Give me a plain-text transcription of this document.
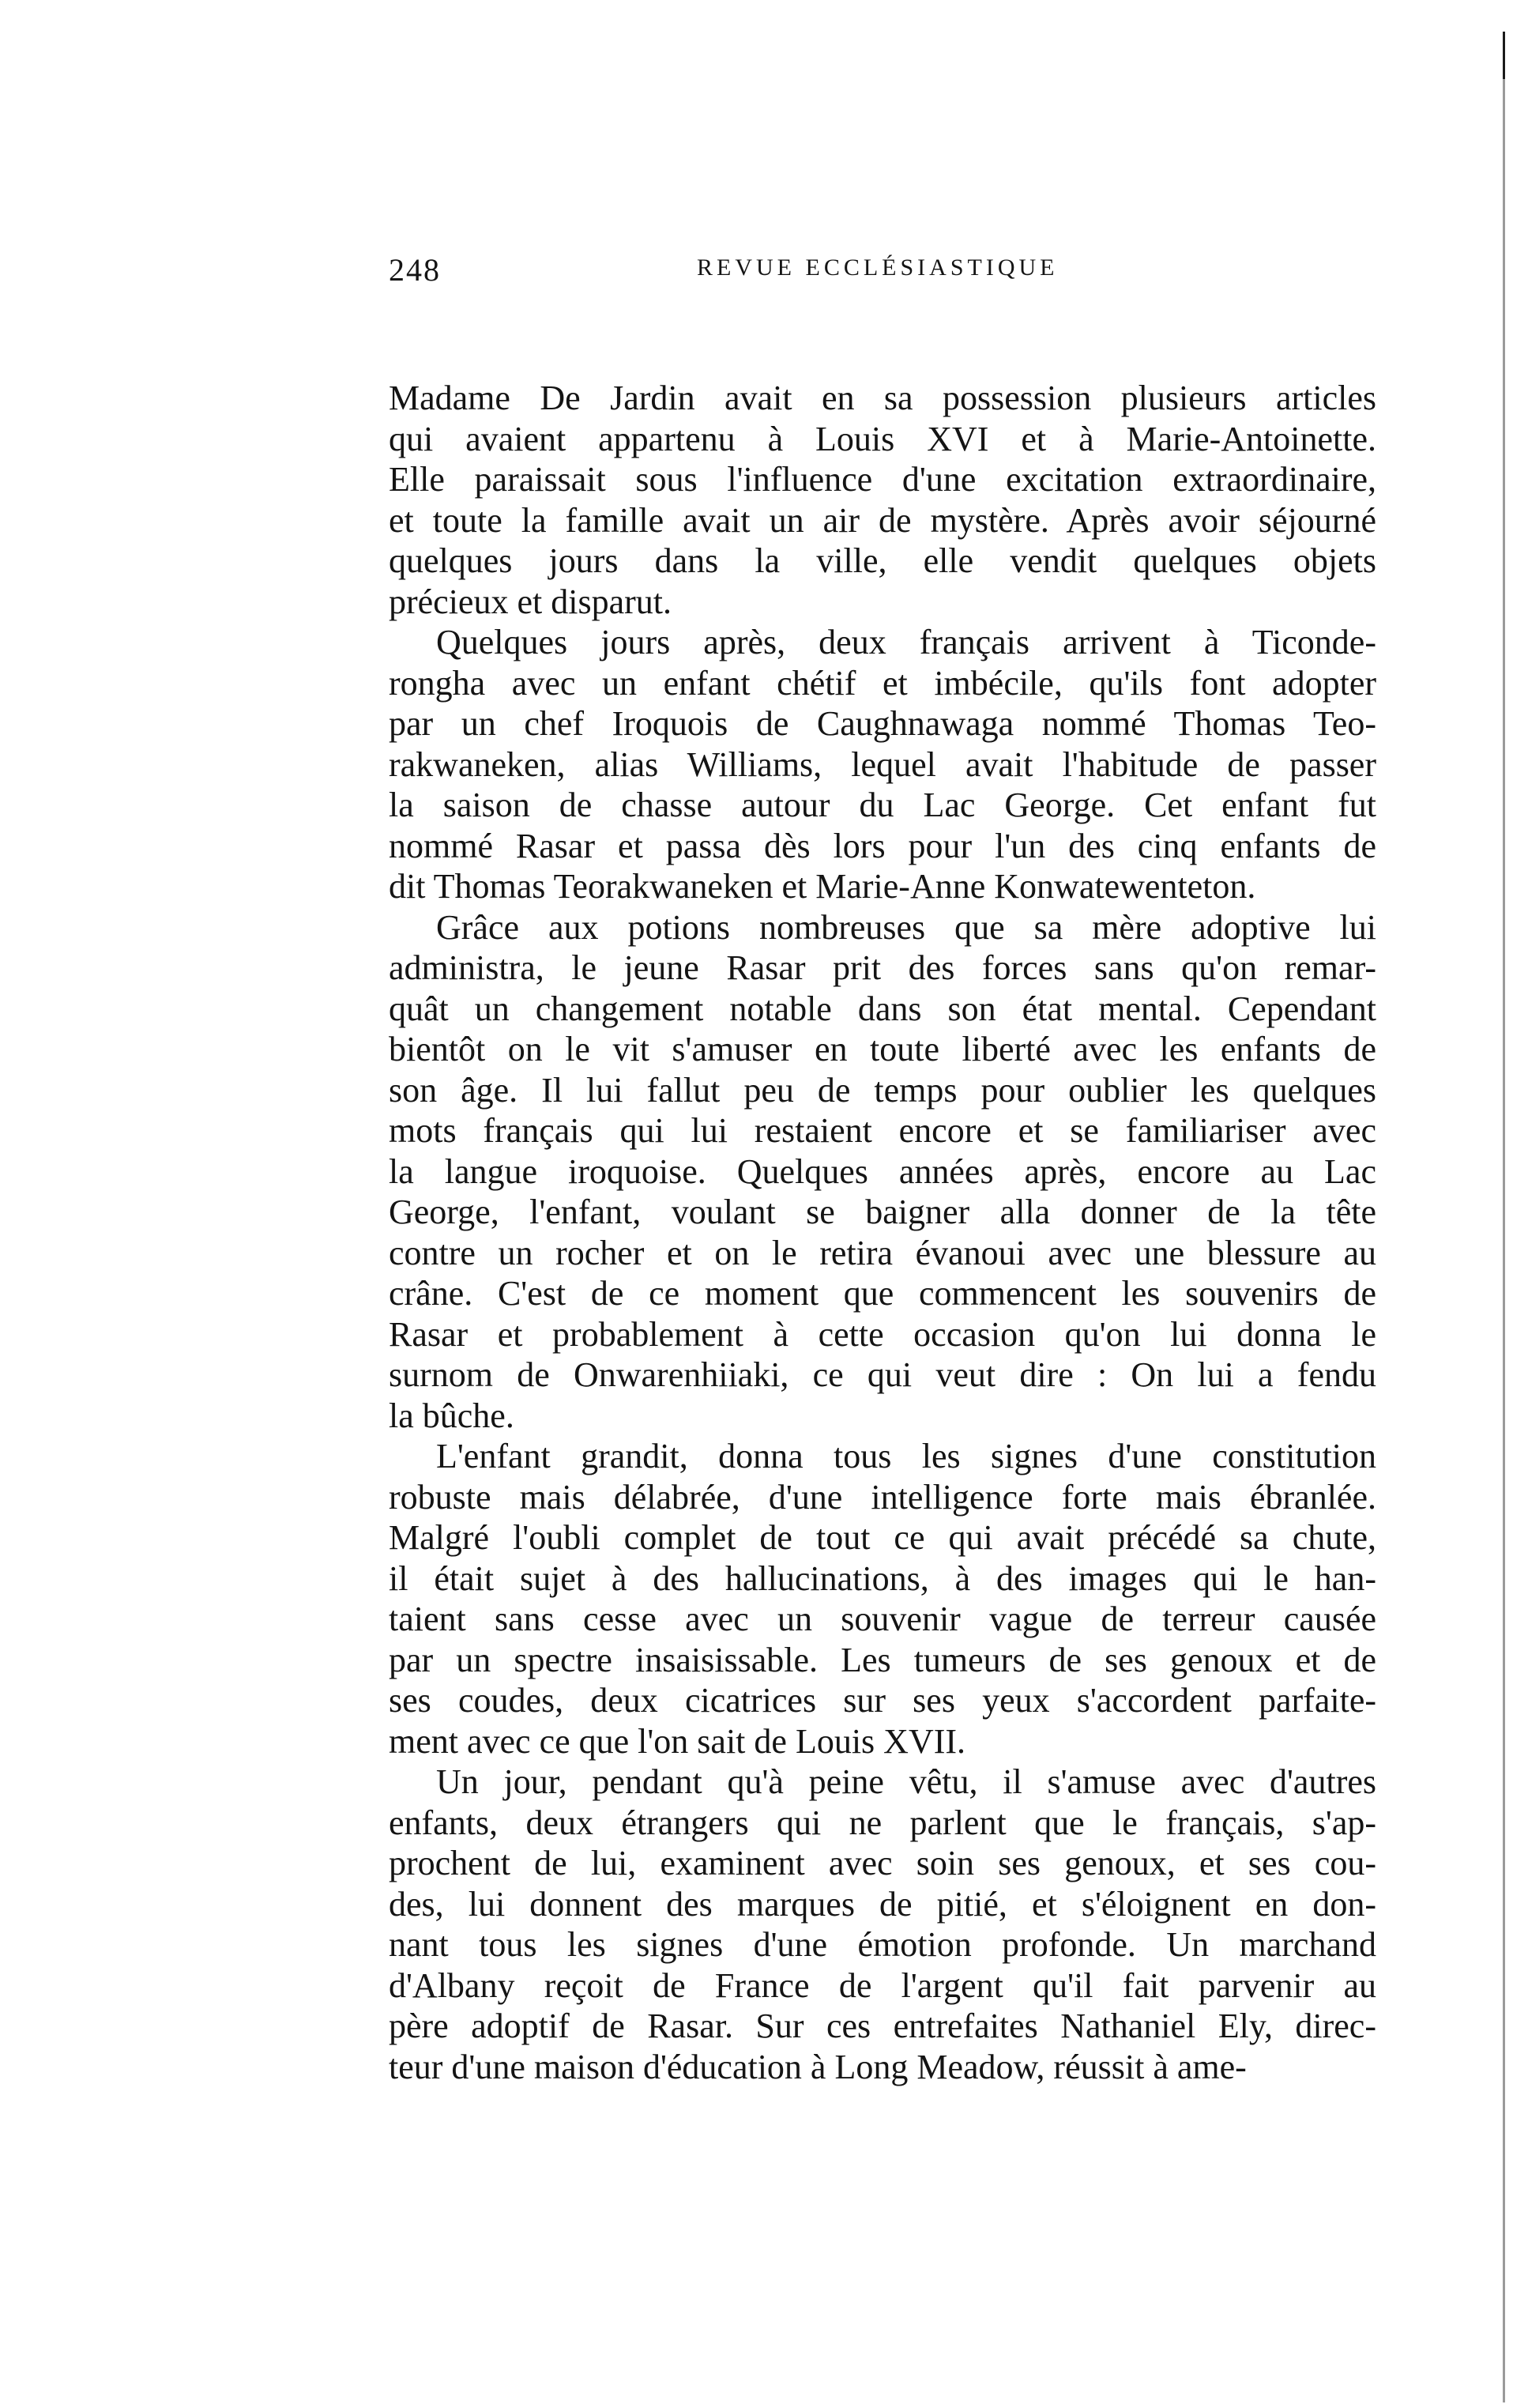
248	REVUE ECCLÉSIASTIQUE

Madame De Jardin avait en sa possession plusieurs articles
qui avaient appartenu à Louis XVI et à Marie-Antoinette.
Elle paraissait sous l'influence d'une excitation extraordinaire,
et toute la famille avait un air de mystère. Après avoir séjourné
quelques jours dans la ville, elle vendit quelques objets
précieux et disparut.

Quelques jours après, deux français arrivent à Ticonde-
rongha avec un enfant chétif et imbécile, qu'ils font adopter
par un chef Iroquois de Caughnawaga nommé Thomas Teo-
rakwaneken, alias Williams, lequel avait l'habitude de passer
la saison de chasse autour du Lac George. Cet enfant fut
nommé Rasar et passa dès lors pour l'un des cinq enfants de
dit Thomas Teorakwaneken et Marie-Anne Konwatewenteton.

Grâce aux potions nombreuses que sa mère adoptive lui
administra, le jeune Rasar prit des forces sans qu'on remar-
quât un changement notable dans son état mental. Cependant
bientôt on le vit s'amuser en toute liberté avec les enfants de
son âge. Il lui fallut peu de temps pour oublier les quelques
mots français qui lui restaient encore et se familiariser avec
la langue iroquoise. Quelques années après, encore au Lac
George, l'enfant, voulant se baigner alla donner de la tête
contre un rocher et on le retira évanoui avec une blessure au
crâne. C'est de ce moment que commencent les souvenirs de
Rasar et probablement à cette occasion qu'on lui donna le
surnom de Onwarenhiiaki, ce qui veut dire : On lui a fendu
la bûche.

L'enfant grandit, donna tous les signes d'une constitution
robuste mais délabrée, d'une intelligence forte mais ébranlée.
Malgré l'oubli complet de tout ce qui avait précédé sa chute,
il était sujet à des hallucinations, à des images qui le han-
taient sans cesse avec un souvenir vague de terreur causée
par un spectre insaisissable. Les tumeurs de ses genoux et de
ses coudes, deux cicatrices sur ses yeux s'accordent parfaite-
ment avec ce que l'on sait de Louis XVII.

Un jour, pendant qu'à peine vêtu, il s'amuse avec d'autres
enfants, deux étrangers qui ne parlent que le français, s'ap-
prochent de lui, examinent avec soin ses genoux, et ses cou-
des, lui donnent des marques de pitié, et s'éloignent en don-
nant tous les signes d'une émotion profonde. Un marchand
d'Albany reçoit de France de l'argent qu'il fait parvenir au
père adoptif de Rasar. Sur ces entrefaites Nathaniel Ely, direc-
teur d'une maison d'éducation à Long Meadow, réussit à ame-
